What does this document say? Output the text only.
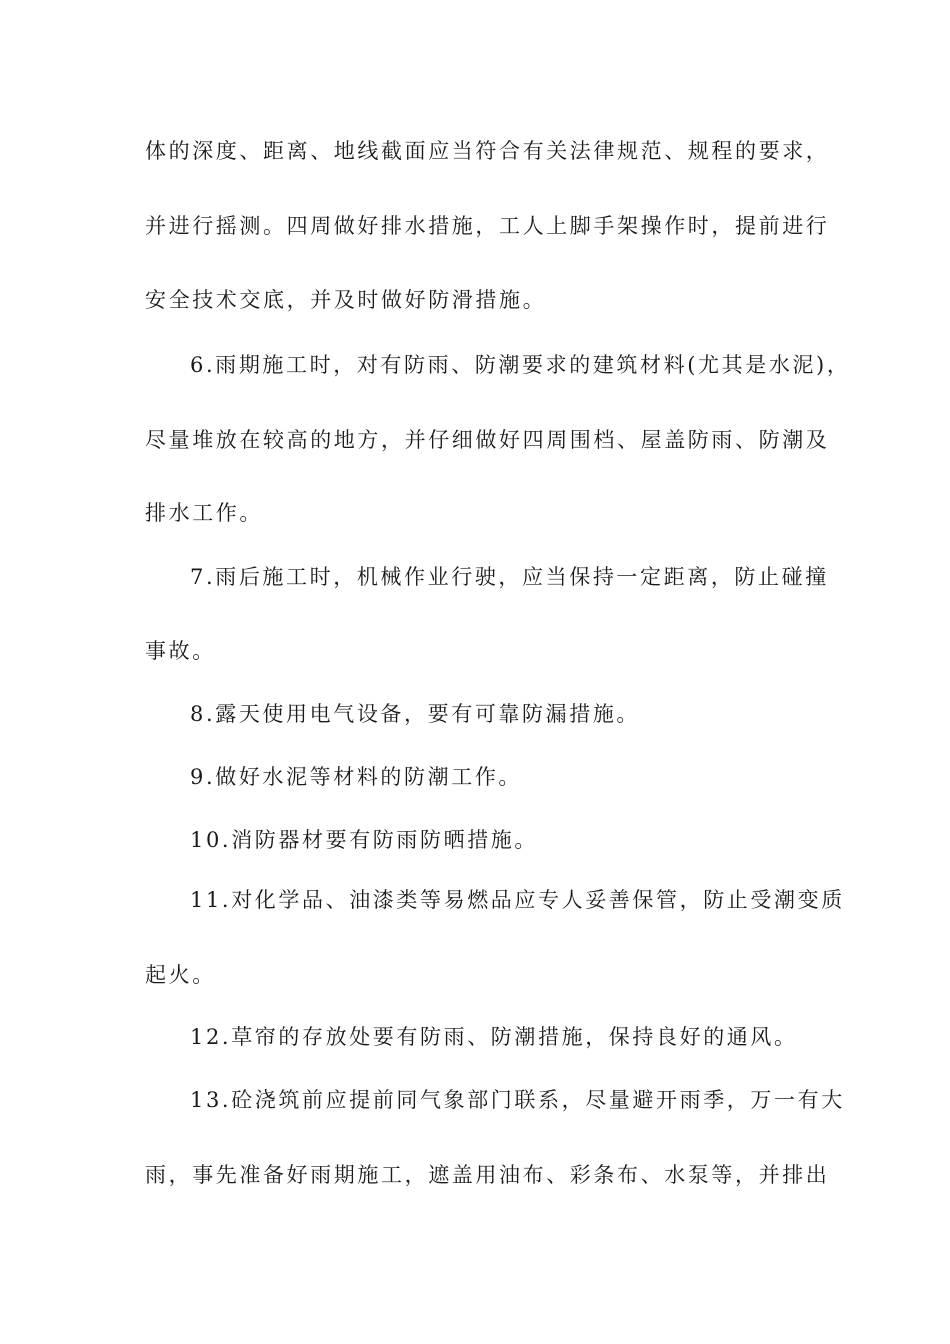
体的深度、距离、地线截面应当符合有关法律规范、规程的要求，
并进行摇测。四周做好排水措施，工人上脚手架操作时，提前进行
安全技术交底，并及时做好防滑措施。
6.雨期施工时，对有防雨、防潮要求的建筑材料(尤其是水泥)，
尽量堆放在较高的地方，并仔细做好四周围档、屋盖防雨、防潮及
排水工作。
7.雨后施工时，机械作业行驶，应当保持一定距离，防止碰撞
事故。
8.露天使用电气设备，要有可靠防漏措施。
9.做好水泥等材料的防潮工作。
10.消防器材要有防雨防晒措施。
11.对化学品、油漆类等易燃品应专人妥善保管，防止受潮变质
起火。
12.草帘的存放处要有防雨、防潮措施，保持良好的通风。
13.砼浇筑前应提前同气象部门联系，尽量避开雨季，万一有大
雨，事先准备好雨期施工，遮盖用油布、彩条布、水泵等，并排出
